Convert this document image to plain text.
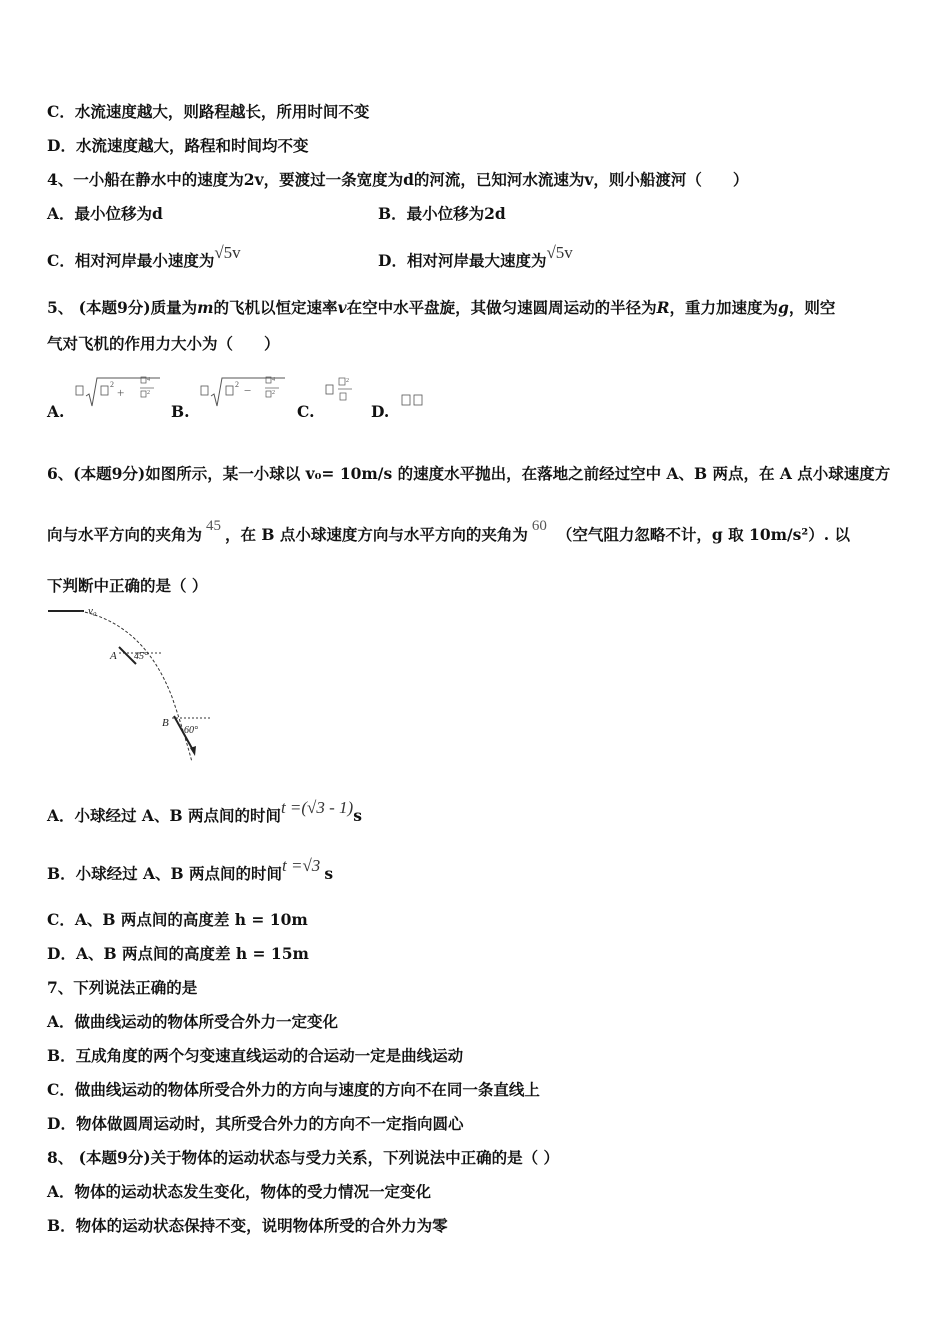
C．水流速度越大，则路程越长，所用时间不变
D．水流速度越大，路程和时间均不变
4、一小船在静水中的速度为2v，要渡过一条宽度为d的河流，已知河水流速为v，则小船渡河（　　）
A．最小位移为d	B．最小位移为2d
C．相对河岸最小速度为√5v	D．相对河岸最大速度为√5v
5、 (本题9分)质量为m的飞机以恒定速率v在空中水平盘旋，其做匀速圆周运动的半径为R，重力加速度为g，则空
气对飞机的作用力大小为（　　）
A.
2
+
4
2
B.
2 −
4
2
C.
2
D.
6、(本题9分)如图所示，某一小球以 v₀= 10m/s 的速度水平抛出，在落地之前经过空中 A、B 两点，在 A 点小球速度方
向与水平方向的夹角为 45 ，在 B 点小球速度方向与水平方向的夹角为 60 （空气阻力忽略不计，g 取 10m/s²）. 以
下判断中正确的是（ ）
v₀
A 45°
B
60°
A．小球经过 A、B 两点间的时间t =(√3 - 1)s
B．小球经过 A、B 两点间的时间t =√3 s
C．A、B 两点间的高度差 h = 10m
D．A、B 两点间的高度差 h = 15m
7、下列说法正确的是
A．做曲线运动的物体所受合外力一定变化
B．互成角度的两个匀变速直线运动的合运动一定是曲线运动
C．做曲线运动的物体所受合外力的方向与速度的方向不在同一条直线上
D．物体做圆周运动时，其所受合外力的方向不一定指向圆心
8、 (本题9分)关于物体的运动状态与受力关系，下列说法中正确的是（ ）
A．物体的运动状态发生变化，物体的受力情况一定变化
B．物体的运动状态保持不变，说明物体所受的合外力为零
